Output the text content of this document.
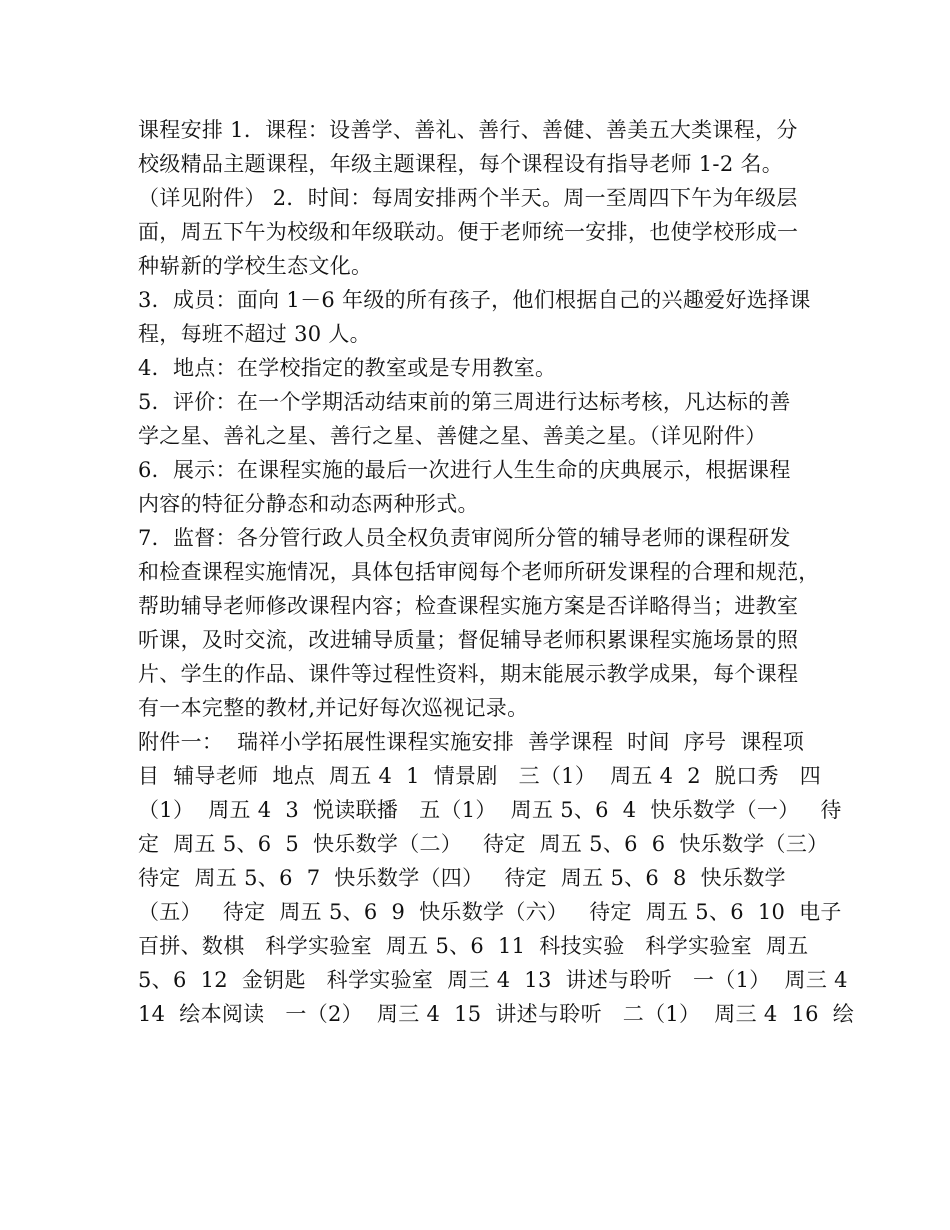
课程安排 1．课程：设善学、善礼、善行、善健、善美五大类课程，分
校级精品主题课程，年级主题课程，每个课程设有指导老师 1-2 名。
（详见附件） 2．时间：每周安排两个半天。周一至周四下午为年级层
面，周五下午为校级和年级联动。便于老师统一安排，也使学校形成一
种崭新的学校生态文化。
3．成员：面向 1－6 年级的所有孩子，他们根据自己的兴趣爱好选择课
程，每班不超过 30 人。
4．地点：在学校指定的教室或是专用教室。
5．评价：在一个学期活动结束前的第三周进行达标考核，凡达标的善
学之星、善礼之星、善行之星、善健之星、善美之星。（详见附件）
6．展示：在课程实施的最后一次进行人生生命的庆典展示，根据课程
内容的特征分静态和动态两种形式。
7．监督：各分管行政人员全权负责审阅所分管的辅导老师的课程研发
和检查课程实施情况，具体包括审阅每个老师所研发课程的合理和规范，
帮助辅导老师修改课程内容；检查课程实施方案是否详略得当；进教室
听课，及时交流，改进辅导质量；督促辅导老师积累课程实施场景的照
片、学生的作品、课件等过程性资料，期末能展示教学成果，每个课程
有一本完整的教材,并记好每次巡视记录。
附件一：  瑞祥小学拓展性课程实施安排  善学课程  时间  序号  课程项
目  辅导老师  地点  周五 4  1  情景剧   三（1）  周五 4  2  脱口秀   四
（1）  周五 4  3  悦读联播   五（1）  周五 5、6  4  快乐数学（一）   待
定  周五 5、6  5  快乐数学（二）   待定  周五 5、6  6  快乐数学（三）
待定  周五 5、6  7  快乐数学（四）   待定  周五 5、6  8  快乐数学
（五）   待定  周五 5、6  9  快乐数学（六）   待定  周五 5、6  10  电子
百拼、数棋   科学实验室  周五 5、6  11  科技实验   科学实验室  周五
5、6  12  金钥匙   科学实验室  周三 4  13  讲述与聆听   一（1）  周三 4
14  绘本阅读   一（2）  周三 4  15  讲述与聆听   二（1）  周三 4  16  绘
